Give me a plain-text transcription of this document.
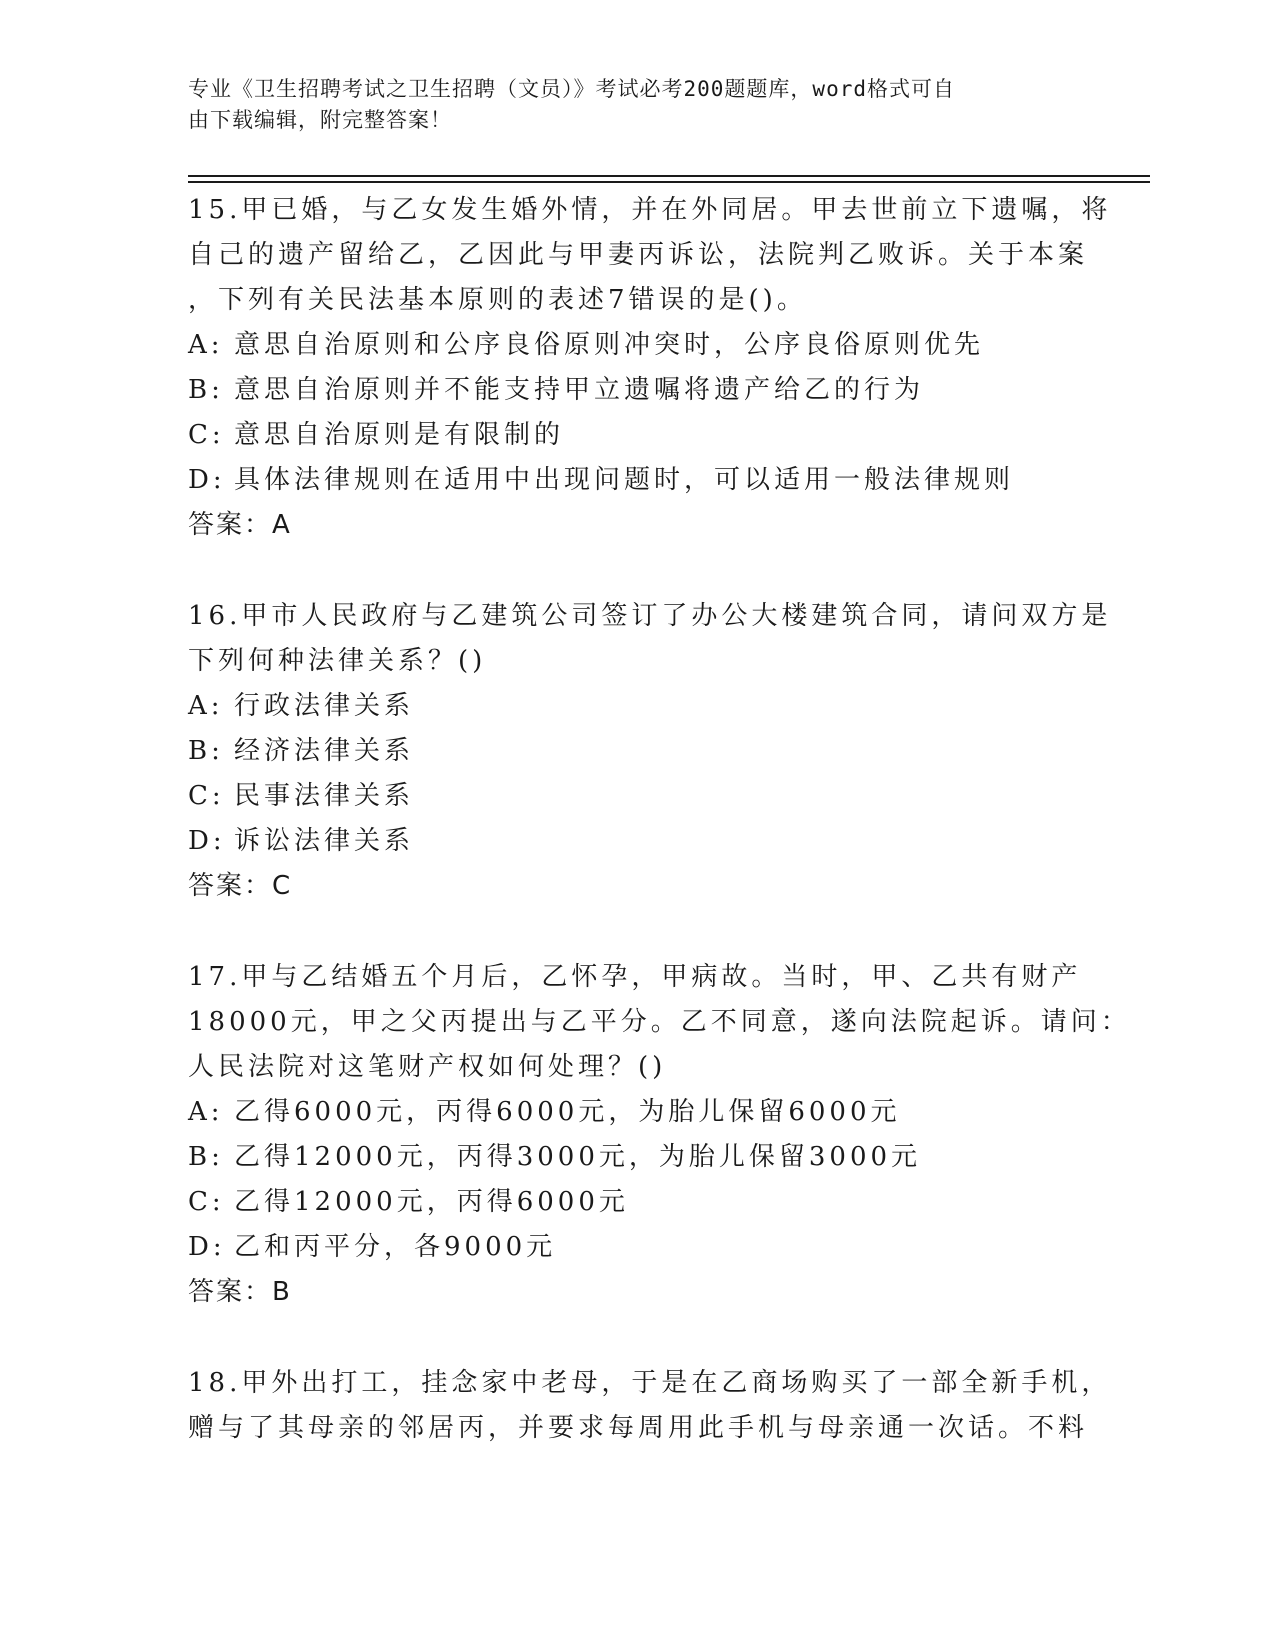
专业《卫生招聘考试之卫生招聘（文员）》考试必考200题题库，word格式可自
由下载编辑，附完整答案！
15.甲已婚，与乙女发生婚外情，并在外同居。甲去世前立下遗嘱，将
自己的遗产留给乙，乙因此与甲妻丙诉讼，法院判乙败诉。关于本案
，下列有关民法基本原则的表述7错误的是()。
A: 意思自治原则和公序良俗原则冲突时，公序良俗原则优先
B: 意思自治原则并不能支持甲立遗嘱将遗产给乙的行为
C: 意思自治原则是有限制的
D: 具体法律规则在适用中出现问题时，可以适用一般法律规则
答案：A
16.甲市人民政府与乙建筑公司签订了办公大楼建筑合同，请问双方是
下列何种法律关系？()
A: 行政法律关系
B: 经济法律关系
C: 民事法律关系
D: 诉讼法律关系
答案：C
17.甲与乙结婚五个月后，乙怀孕，甲病故。当时，甲、乙共有财产
18000元，甲之父丙提出与乙平分。乙不同意，遂向法院起诉。请问：
人民法院对这笔财产权如何处理？()
A: 乙得6000元，丙得6000元，为胎儿保留6000元
B: 乙得12000元，丙得3000元，为胎儿保留3000元
C: 乙得12000元，丙得6000元
D: 乙和丙平分，各9000元
答案：B
18.甲外出打工，挂念家中老母，于是在乙商场购买了一部全新手机，
赠与了其母亲的邻居丙，并要求每周用此手机与母亲通一次话。不料
